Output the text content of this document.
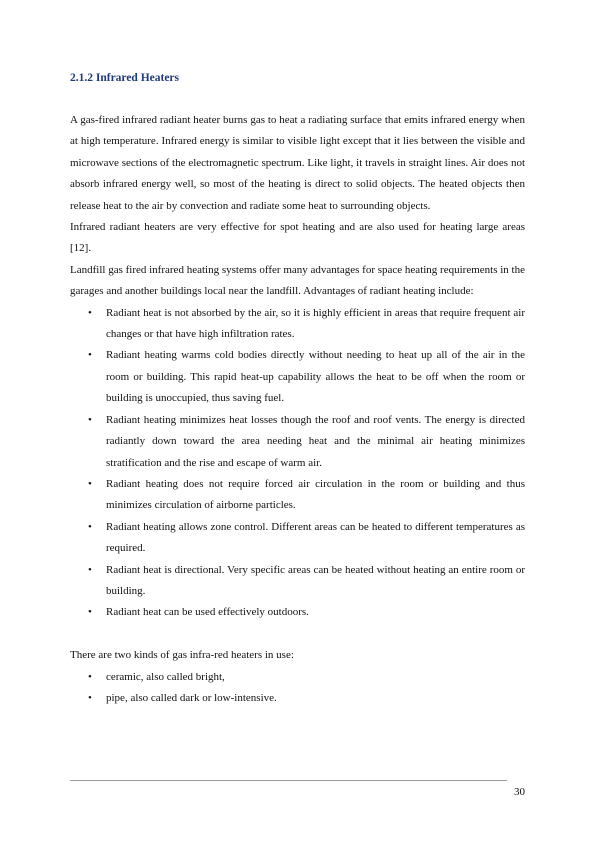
2.1.2 Infrared Heaters

A gas-fired infrared radiant heater burns gas to heat a radiating surface that emits infrared energy when at high temperature. Infrared energy is similar to visible light except that it lies between the visible and microwave sections of the electromagnetic spectrum. Like light, it travels in straight lines. Air does not absorb infrared energy well, so most of the heating is direct to solid objects. The heated objects then release heat to the air by convection and radiate some heat to surrounding objects.

Infrared radiant heaters are very effective for spot heating and are also used for heating large areas [12].

Landfill gas fired infrared heating systems offer many advantages for space heating requirements in the garages and another buildings local near the landfill. Advantages of radiant heating include:

• Radiant heat is not absorbed by the air, so it is highly efficient in areas that require frequent air changes or that have high infiltration rates.
• Radiant heating warms cold bodies directly without needing to heat up all of the air in the room or building. This rapid heat-up capability allows the heat to be off when the room or building is unoccupied, thus saving fuel.
• Radiant heating minimizes heat losses though the roof and roof vents. The energy is directed radiantly down toward the area needing heat and the minimal air heating minimizes stratification and the rise and escape of warm air.
• Radiant heating does not require forced air circulation in the room or building and thus minimizes circulation of airborne particles.
• Radiant heating allows zone control. Different areas can be heated to different temperatures as required.
• Radiant heat is directional. Very specific areas can be heated without heating an entire room or building.
• Radiant heat can be used effectively outdoors.

There are two kinds of gas infra-red heaters in use:

• ceramic, also called bright,
• pipe, also called dark or low-intensive.
30
